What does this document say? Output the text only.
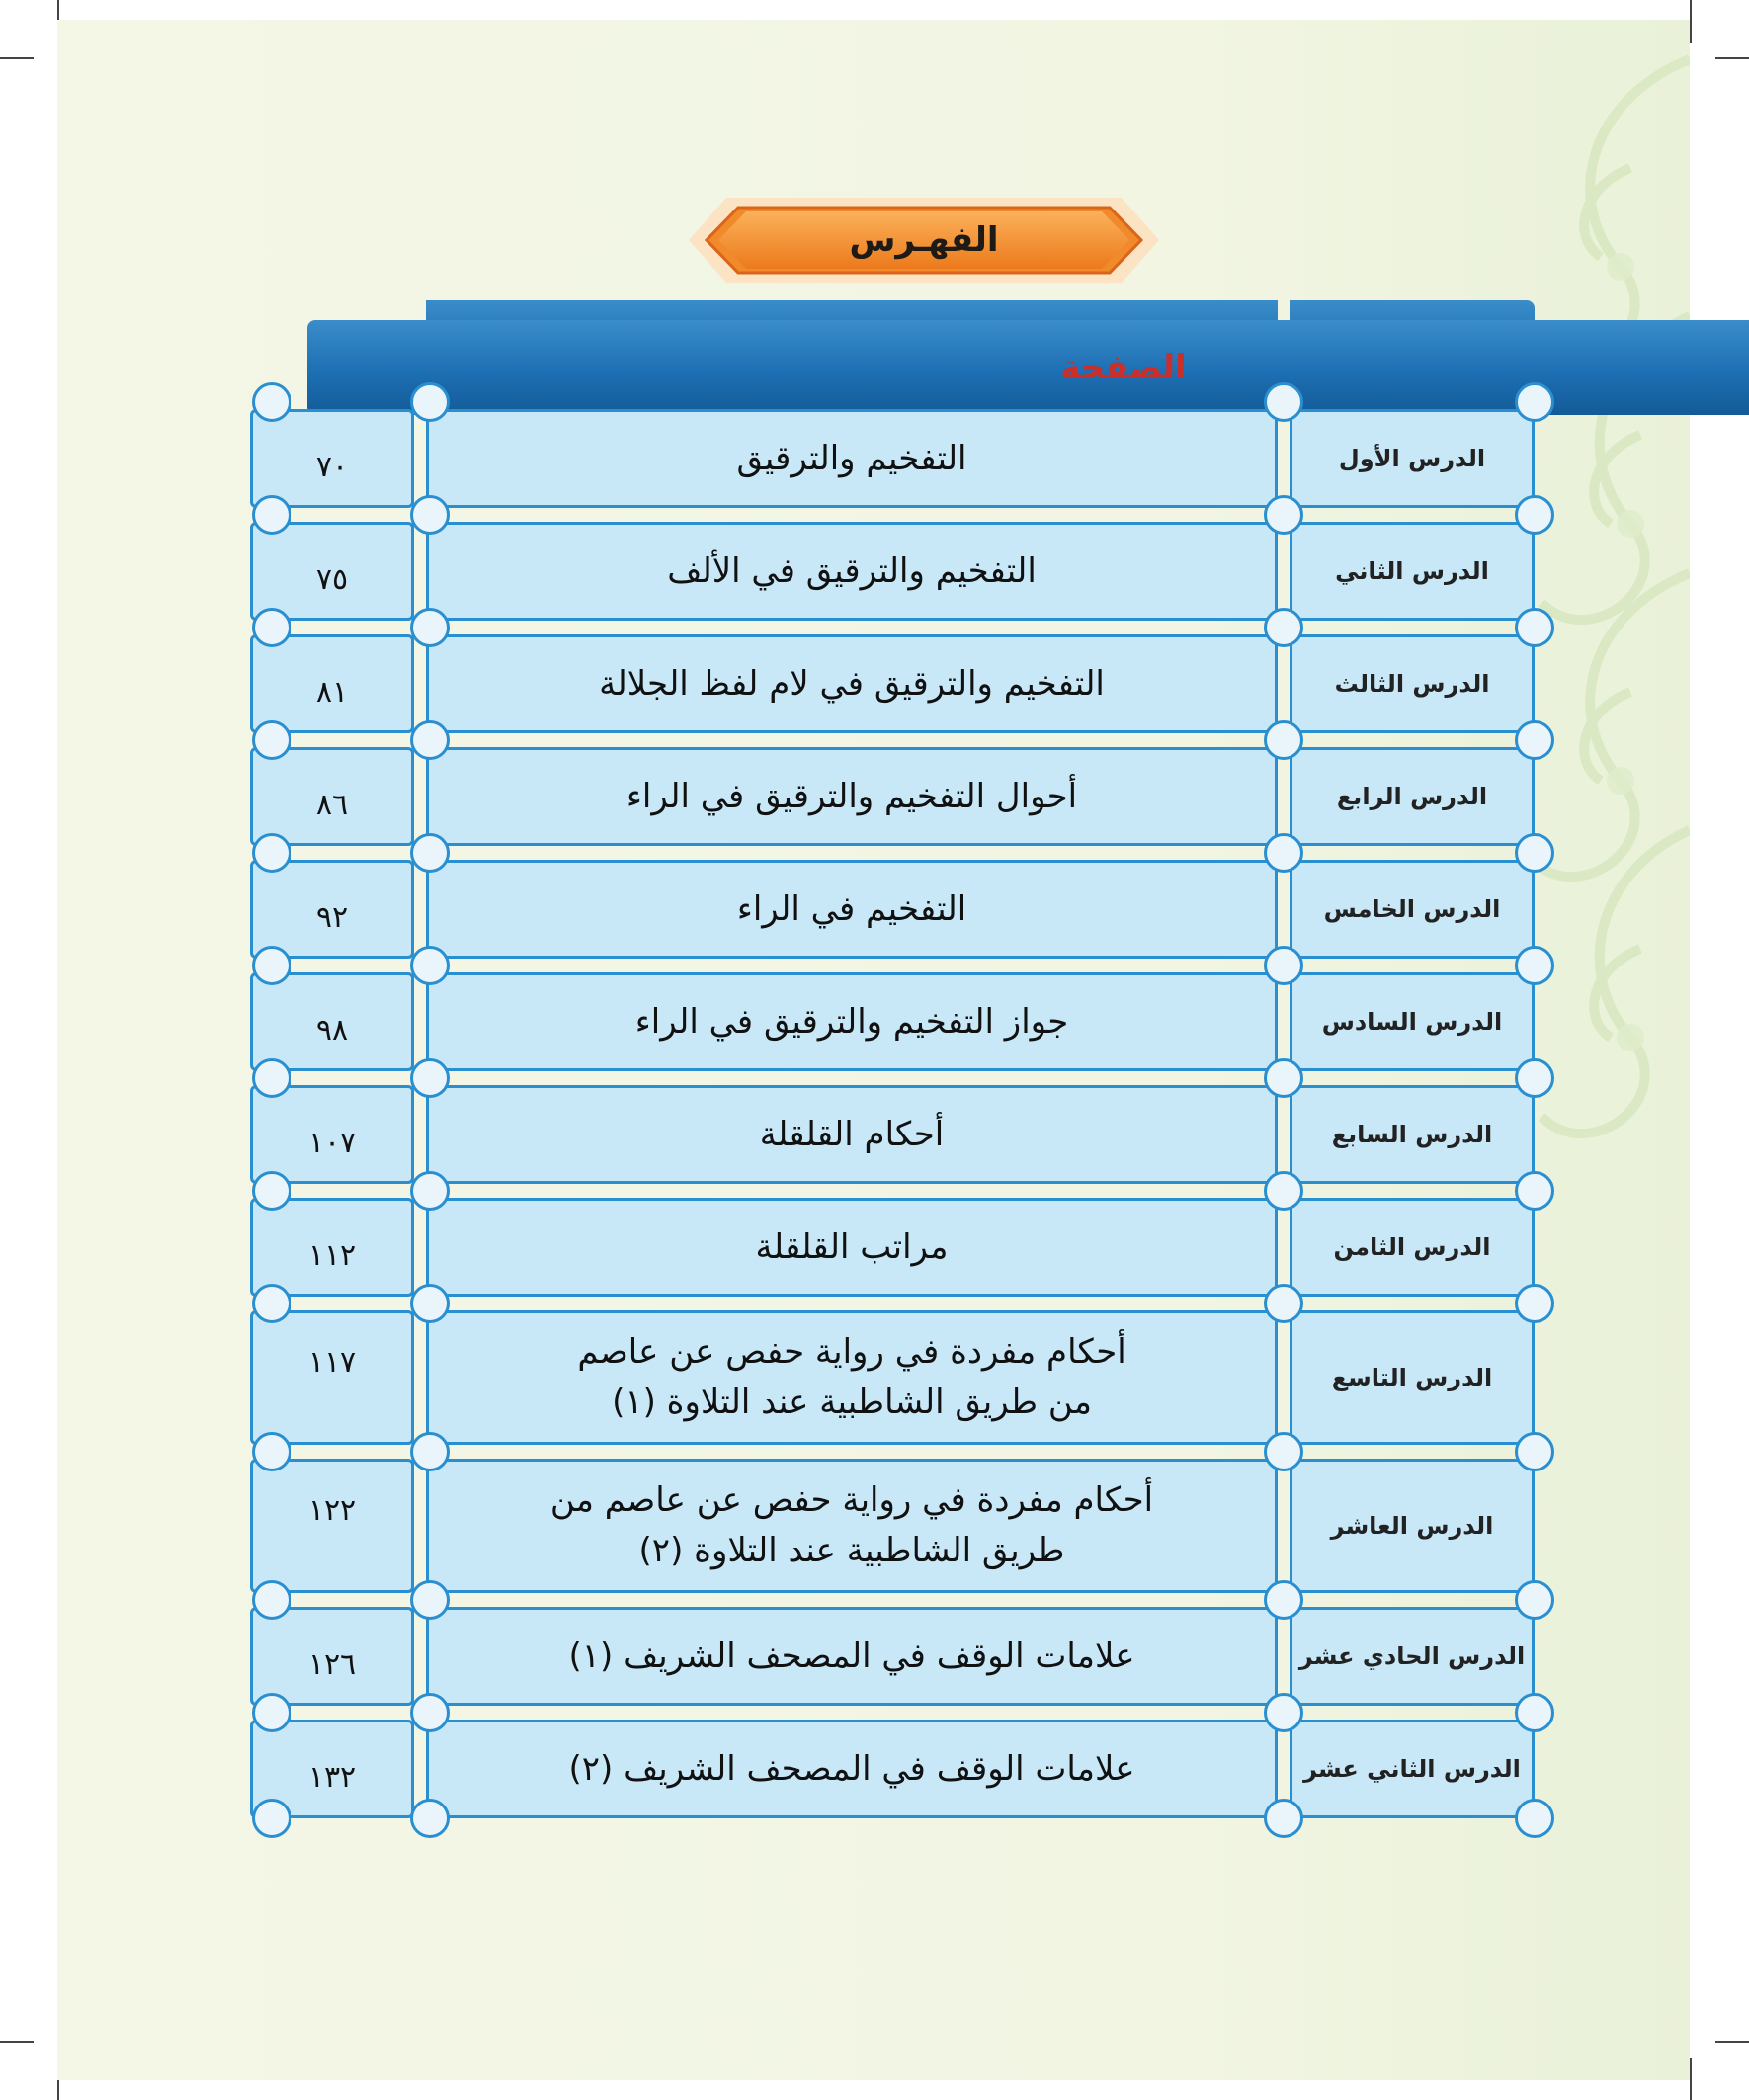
الفهـرس
الصفحة
الدرس الأول
التفخيم والترقيق
٧٠
الدرس الثاني
التفخيم والترقيق في الألف
٧٥
الدرس الثالث
التفخيم والترقيق في لام لفظ الجلالة
٨١
الدرس الرابع
أحوال التفخيم والترقيق في الراء
٨٦
الدرس الخامس
التفخيم في الراء
٩٢
الدرس السادس
جواز التفخيم والترقيق في الراء
٩٨
الدرس السابع
أحكام القلقلة
١٠٧
الدرس الثامن
مراتب القلقلة
١١٢
الدرس التاسع
أحكام مفردة في رواية حفص عن عاصم
من طريق الشاطبية عند التلاوة (١)
١١٧
الدرس العاشر
أحكام مفردة في رواية حفص عن عاصم من
طريق الشاطبية عند التلاوة (٢)
١٢٢
الدرس الحادي عشر
علامات الوقف في المصحف الشريف (١)
١٢٦
الدرس الثاني عشر
علامات الوقف في المصحف الشريف (٢)
١٣٢
